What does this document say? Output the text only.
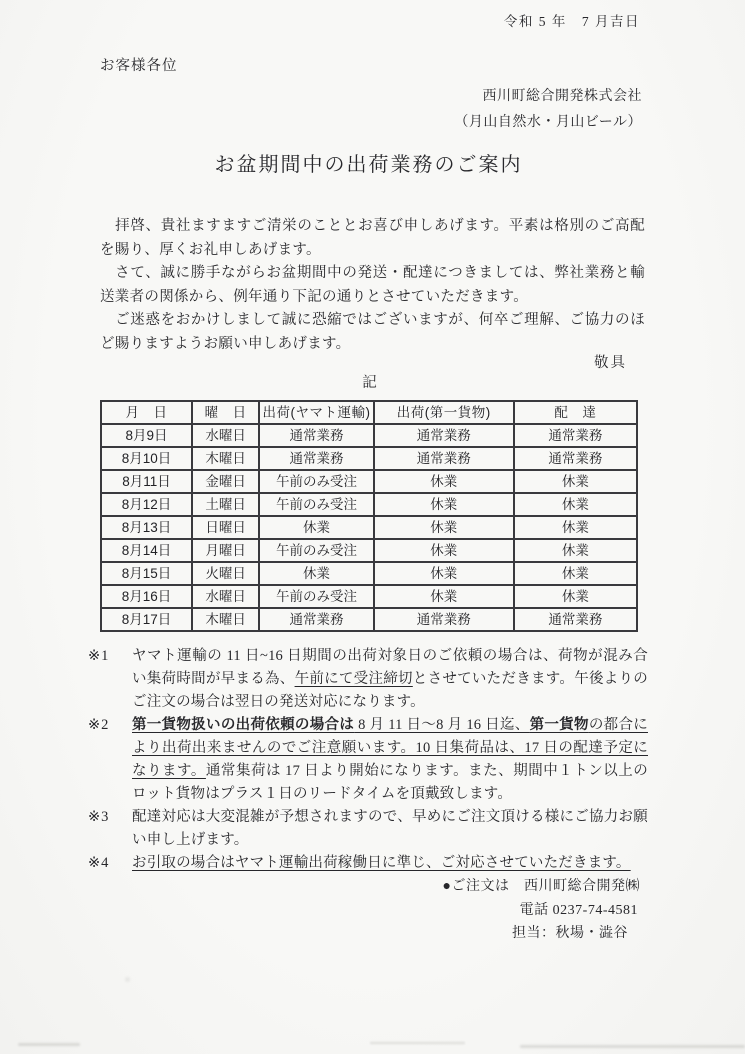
令和 5 年　7 月吉日
お客様各位
西川町総合開発株式会社
（月山自然水・月山ビール）
お盆期間中の出荷業務のご案内

　拝啓、貴社ますますご清栄のこととお喜び申しあげます。平素は格別のご高配を賜り、厚くお礼申しあげます。

　さて、誠に勝手ながらお盆期間中の発送・配達につきましては、弊社業務と輸送業者の関係から、例年通り下記の通りとさせていただきます。

　ご迷惑をおかけしまして誠に恐縮ではございますが、何卒ご理解、ご協力のほど賜りますようお願い申しあげます。

敬具
記
月　日	曜　日	出荷(ヤマト運輸)	出荷(第一貨物)	配　達
8月9日	水曜日	通常業務	通常業務	通常業務
8月10日	木曜日	通常業務	通常業務	通常業務
8月11日	金曜日	午前のみ受注	休業	休業
8月12日	土曜日	午前のみ受注	休業	休業
8月13日	日曜日	休業	休業	休業
8月14日	月曜日	午前のみ受注	休業	休業
8月15日	火曜日	休業	休業	休業
8月16日	水曜日	午前のみ受注	休業	休業
8月17日	木曜日	通常業務	通常業務	通常業務
※1	ヤマト運輸の 11 日~16 日期間の出荷対象日のご依頼の場合は、荷物が混み合い集荷時間が早まる為、午前にて受注締切とさせていただきます。午後よりのご注文の場合は翌日の発送対応になります。
※2	第一貨物扱いの出荷依頼の場合は 8 月 11 日～8 月 16 日迄、第一貨物の都合により出荷出来ませんのでご注意願います。10 日集荷品は、17 日の配達予定になります。通常集荷は 17 日より開始になります。また、期間中１トン以上のロット貨物はプラス１日のリードタイムを頂戴致します。
※3	配達対応は大変混雑が予想されますので、早めにご注文頂ける様にご協力お願い申し上げます。
※4	お引取の場合はヤマト運輸出荷稼働日に準じ、ご対応させていただきます。
●ご注文は　西川町総合開発㈱
電話 0237-74-4581
担当：秋場・澁谷
